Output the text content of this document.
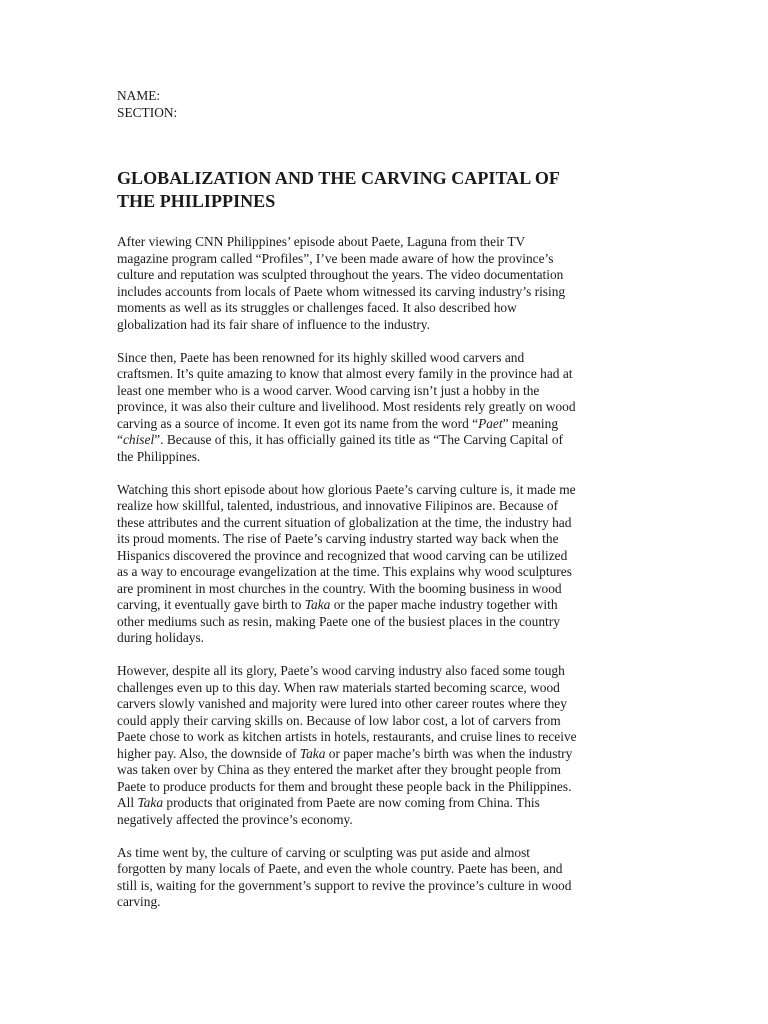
NAME:

SECTION:

GLOBALIZATION AND THE CARVING CAPITAL OF
THE PHILIPPINES

After viewing CNN Philippines’ episode about Paete, Laguna from their TV
magazine program called “Profiles”, I’ve been made aware of how the province’s
culture and reputation was sculpted throughout the years. The video documentation
includes accounts from locals of Paete whom witnessed its carving industry’s rising
moments as well as its struggles or challenges faced. It also described how
globalization had its fair share of influence to the industry.

Since then, Paete has been renowned for its highly skilled wood carvers and
craftsmen. It’s quite amazing to know that almost every family in the province had at
least one member who is a wood carver. Wood carving isn’t just a hobby in the
province, it was also their culture and livelihood. Most residents rely greatly on wood
carving as a source of income. It even got its name from the word “Paet” meaning
“chisel”. Because of this, it has officially gained its title as “The Carving Capital of
the Philippines.

Watching this short episode about how glorious Paete’s carving culture is, it made me
realize how skillful, talented, industrious, and innovative Filipinos are. Because of
these attributes and the current situation of globalization at the time, the industry had
its proud moments. The rise of Paete’s carving industry started way back when the
Hispanics discovered the province and recognized that wood carving can be utilized
as a way to encourage evangelization at the time. This explains why wood sculptures
are prominent in most churches in the country. With the booming business in wood
carving, it eventually gave birth to Taka or the paper mache industry together with
other mediums such as resin, making Paete one of the busiest places in the country
during holidays.

However, despite all its glory, Paete’s wood carving industry also faced some tough
challenges even up to this day. When raw materials started becoming scarce, wood
carvers slowly vanished and majority were lured into other career routes where they
could apply their carving skills on. Because of low labor cost, a lot of carvers from
Paete chose to work as kitchen artists in hotels, restaurants, and cruise lines to receive
higher pay. Also, the downside of Taka or paper mache’s birth was when the industry
was taken over by China as they entered the market after they brought people from
Paete to produce products for them and brought these people back in the Philippines.
All Taka products that originated from Paete are now coming from China. This
negatively affected the province’s economy.

As time went by, the culture of carving or sculpting was put aside and almost
forgotten by many locals of Paete, and even the whole country. Paete has been, and
still is, waiting for the government’s support to revive the province’s culture in wood
carving.
